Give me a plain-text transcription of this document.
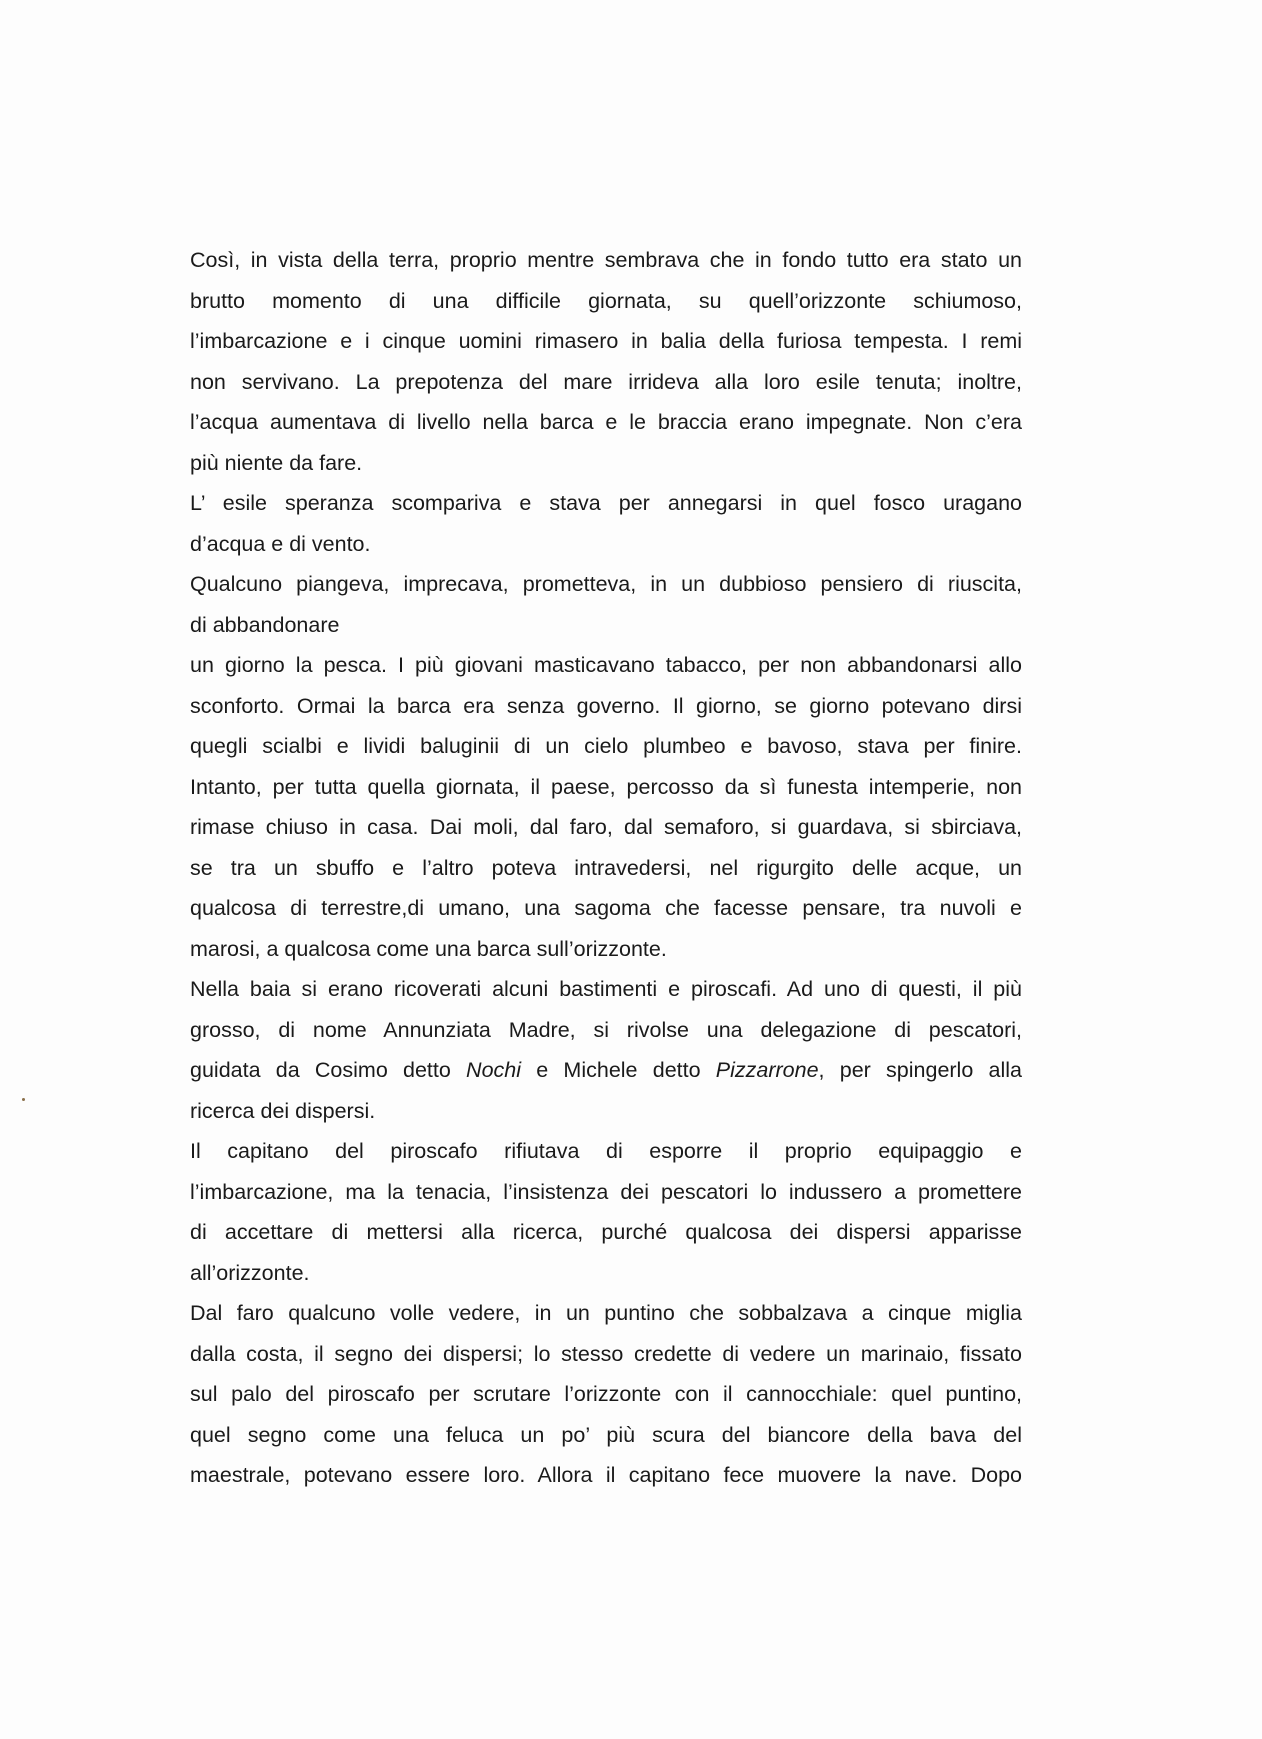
Così, in vista della terra, proprio mentre sembrava che in fondo tutto era stato un
brutto momento di una difficile giornata, su quell’orizzonte schiumoso,
l’imbarcazione e i cinque uomini rimasero in balia della furiosa tempesta. I remi
non servivano. La prepotenza del mare irrideva alla loro esile tenuta; inoltre,
l’acqua aumentava di livello nella barca e le braccia erano impegnate. Non c’era
più niente da fare.
L’ esile speranza scompariva e stava per annegarsi in quel fosco uragano
d’acqua e di vento.
Qualcuno piangeva, imprecava, prometteva, in un dubbioso pensiero di riuscita,
di abbandonare
un giorno la pesca. I più giovani masticavano tabacco, per non abbandonarsi allo
sconforto. Ormai la barca era senza governo. Il giorno, se giorno potevano dirsi
quegli scialbi e lividi baluginii di un cielo plumbeo e bavoso, stava per finire.
Intanto, per tutta quella giornata, il paese, percosso da sì funesta intemperie, non
rimase chiuso in casa. Dai moli, dal faro, dal semaforo, si guardava, si sbirciava,
se tra un sbuffo e l’altro poteva intravedersi, nel rigurgito delle acque, un
qualcosa di terrestre,di umano, una sagoma che facesse pensare, tra nuvoli e
marosi, a qualcosa come una barca sull’orizzonte.
Nella baia si erano ricoverati alcuni bastimenti e piroscafi. Ad uno di questi, il più
grosso, di nome Annunziata Madre, si rivolse una delegazione di pescatori,
guidata da Cosimo detto Nochi e Michele detto Pizzarrone, per spingerlo alla
ricerca dei dispersi.
Il capitano del piroscafo rifiutava di esporre il proprio equipaggio e
l’imbarcazione, ma la tenacia, l’insistenza dei pescatori lo indussero a promettere
di accettare di mettersi alla ricerca, purché qualcosa dei dispersi apparisse
all’orizzonte.
Dal faro qualcuno volle vedere, in un puntino che sobbalzava a cinque miglia
dalla costa, il segno dei dispersi; lo stesso credette di vedere un marinaio, fissato
sul palo del piroscafo per scrutare l’orizzonte con il cannocchiale: quel puntino,
quel segno come una feluca un po’ più scura del biancore della bava del
maestrale, potevano essere loro. Allora il capitano fece muovere la nave. Dopo
